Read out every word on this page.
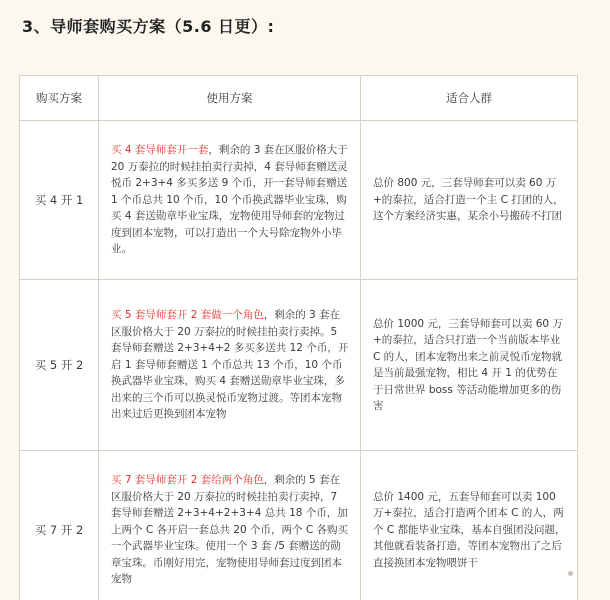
3、导师套购买方案（5.6 日更）:
购买方案	使用方案	适合人群
买 4 开 1	买 4 套导师套开一套，剩余的 3 套在区服价格大于 20 万泰拉的时候挂拍卖行卖掉，4 套导师套赠送灵悦币 2+3+4 多买多送 9 个币，开一套导师套赠送 1 个币总共 10 个币，10 个币换武器毕业宝珠，购买 4 套送勋章毕业宝珠，宠物使用导师套的宠物过度到团本宠物，可以打造出一个大号除宠物外小毕业。	总价 800 元，三套导师套可以卖 60 万+的泰拉，适合打造一个主 C 打团的人，这个方案经济实惠，某余小号搬砖不打团
买 5 开 2	买 5 套导师套开 2 套做一个角色，剩余的 3 套在区服价格大于 20 万泰拉的时候挂拍卖行卖掉。5 套导师套赠送 2+3+4+2 多买多送共 12 个币，开启 1 套导师套赠送 1 个币总共 13 个币，10 个币换武器毕业宝珠，购买 4 套赠送勋章毕业宝珠，多出来的三个币可以换灵悦币宠物过渡。等团本宠物出来过后更换到团本宠物	总价 1000 元，三套导师套可以卖 60 万+的泰拉，适合只打造一个当前版本毕业 C 的人，团本宠物出来之前灵悦币宠物就是当前最强宠物，相比 4 开 1 的优势在于日常世界 boss 等活动能增加更多的伤害
买 7 开 2	买 7 套导师套开 2 套给两个角色，剩余的 5 套在区服价格大于 20 万泰拉的时候挂拍卖行卖掉，7 套导师套赠送 2+3+4+2+3+4 总共 18 个币，加上两个 C 各开启一套总共 20 个币，两个 C 各购买一个武器毕业宝珠。使用一个 3 套 /5 套赠送的勋章宝珠。币刚好用完，宠物使用导师套过度到团本宠物	总价 1400 元，五套导师套可以卖 100 万+泰拉，适合打造两个团本 C 的人，两个 C 都能毕业宝珠，基本自强团没问题，其他就看装备打造，等团本宠物出了之后直接换团本宠物喂饼干
